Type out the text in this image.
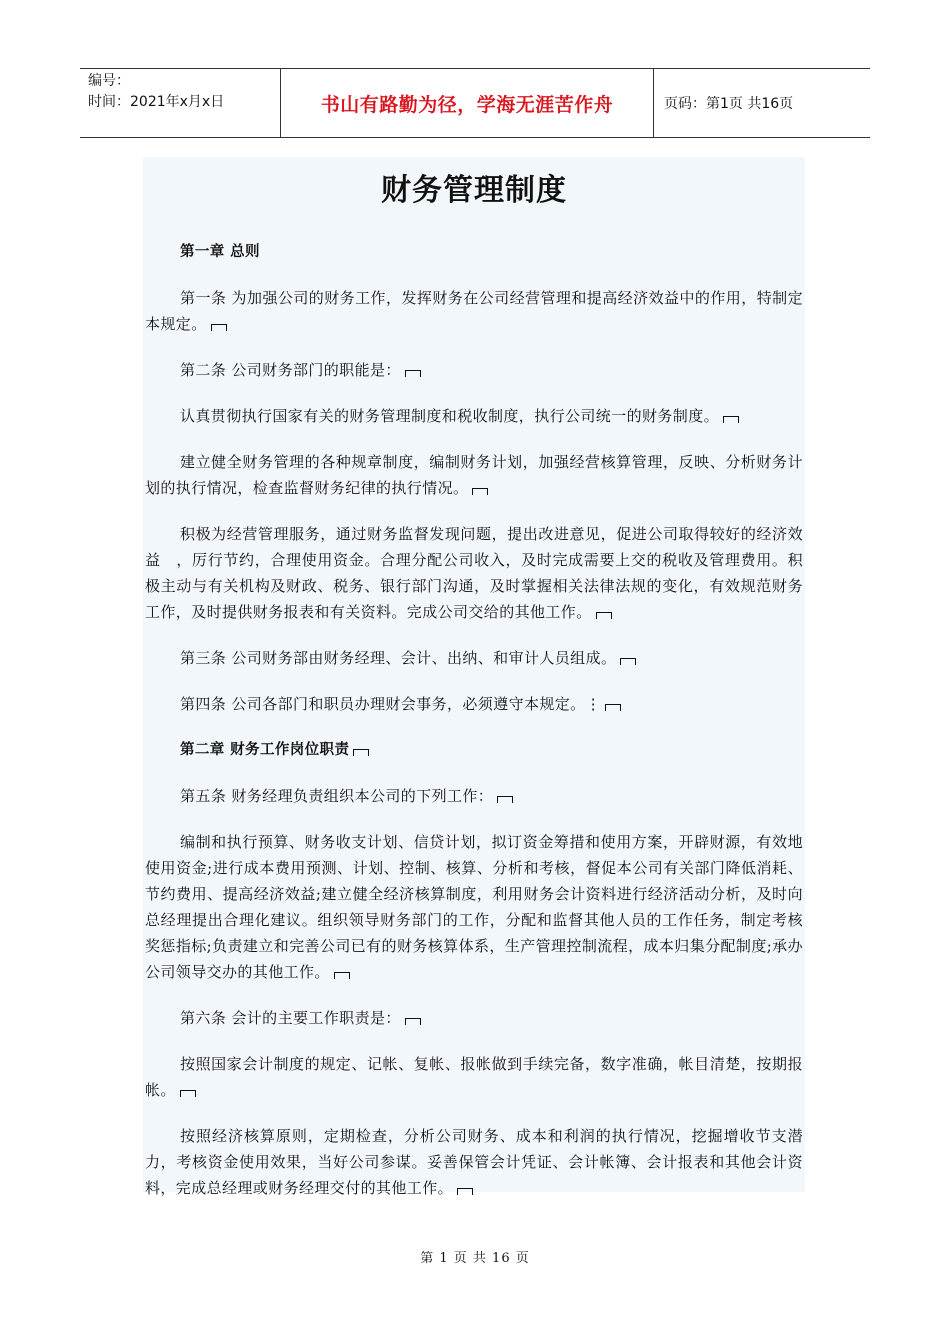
编号：
时间：2021年x月x日	书山有路勤为径，学海无涯苦作舟	页码：第1页 共16页
财务管理制度

第一章 总则

第一条 为加强公司的财务工作，发挥财务在公司经营管理和提高经济效益中的作用，特制定本规定。

第二条 公司财务部门的职能是：

认真贯彻执行国家有关的财务管理制度和税收制度，执行公司统一的财务制度。

建立健全财务管理的各种规章制度，编制财务计划，加强经营核算管理，反映、分析财务计划的执行情况，检查监督财务纪律的执行情况。

积极为经营管理服务，通过财务监督发现问题，提出改进意见，促进公司取得较好的经济效益　，厉行节约，合理使用资金。合理分配公司收入，及时完成需要上交的税收及管理费用。积极主动与有关机构及财政、税务、银行部门沟通，及时掌握相关法律法规的变化，有效规范财务工作，及时提供财务报表和有关资料。完成公司交给的其他工作。

第三条 公司财务部由财务经理、会计、出纳、和审计人员组成。

第四条 公司各部门和职员办理财会事务，必须遵守本规定。⋮

第二章 财务工作岗位职责

第五条 财务经理负责组织本公司的下列工作：

编制和执行预算、财务收支计划、信贷计划，拟订资金筹措和使用方案，开辟财源，有效地使用资金;进行成本费用预测、计划、控制、核算、分析和考核，督促本公司有关部门降低消耗、节约费用、提高经济效益;建立健全经济核算制度，利用财务会计资料进行经济活动分析，及时向总经理提出合理化建议。组织领导财务部门的工作，分配和监督其他人员的工作任务，制定考核奖惩指标;负责建立和完善公司已有的财务核算体系，生产管理控制流程，成本归集分配制度;承办公司领导交办的其他工作。

第六条 会计的主要工作职责是：

按照国家会计制度的规定、记帐、复帐、报帐做到手续完备，数字准确，帐目清楚，按期报帐。

按照经济核算原则，定期检查，分析公司财务、成本和利润的执行情况，挖掘增收节支潜力，考核资金使用效果，当好公司参谋。妥善保管会计凭证、会计帐簿、会计报表和其他会计资料，完成总经理或财务经理交付的其他工作。

第 1 页 共 16 页
